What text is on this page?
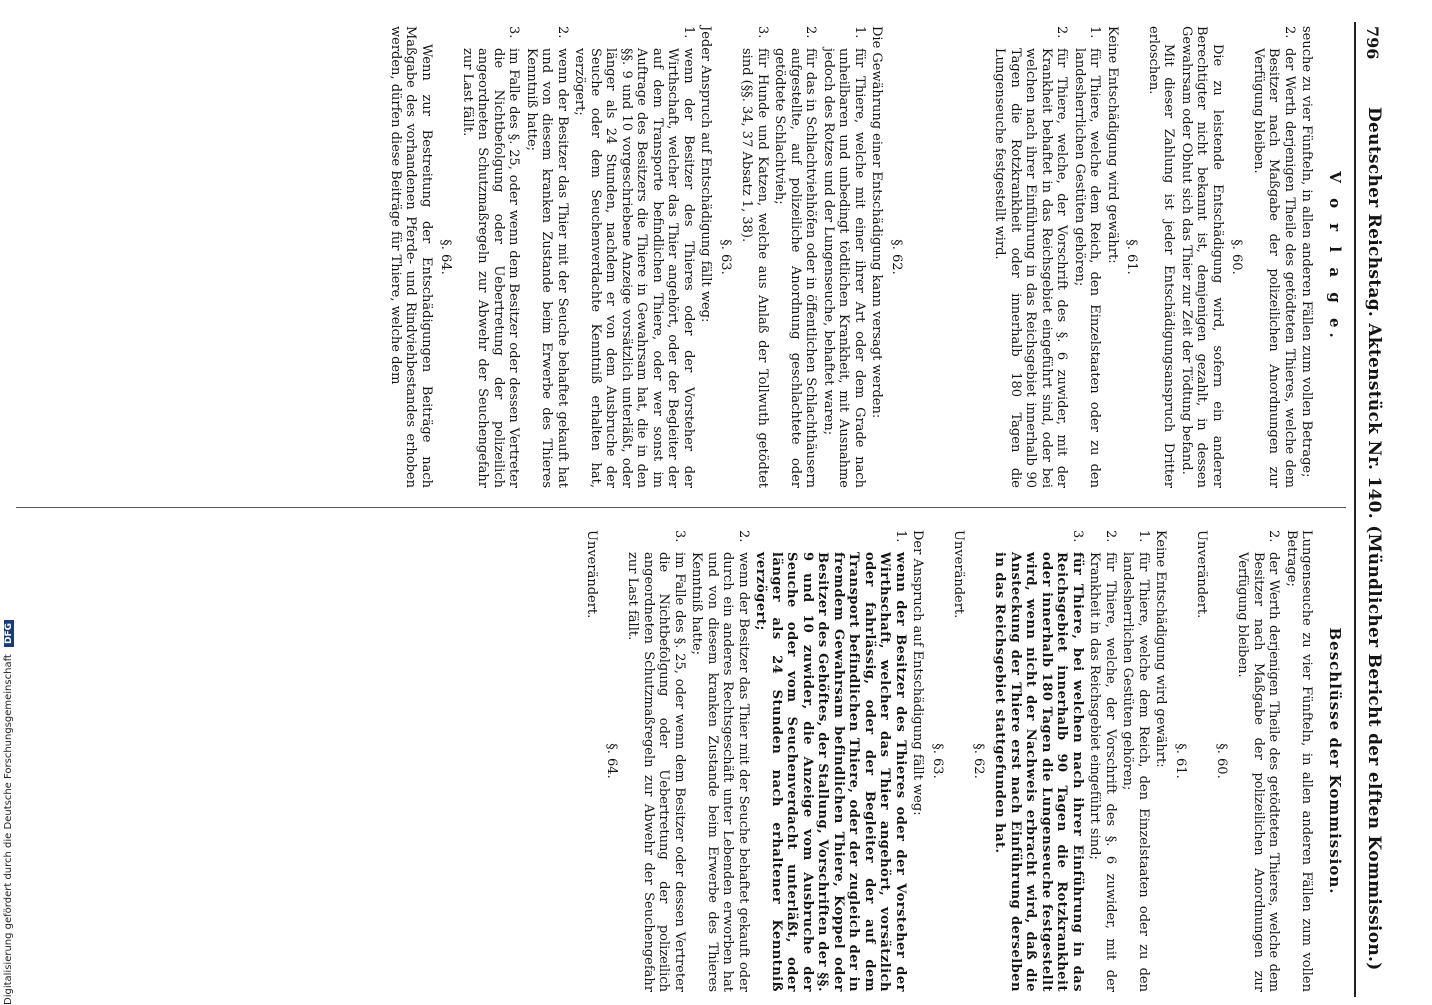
796
Deutscher Reichstag. Aktenstück Nr. 140. (Mündlicher Bericht der elften Kommission.)
V o r l a g e.

seuche zu vier Fünfteln, in allen anderen Fällen zum vollen Betrage;

2.der Werth derjenigen Theile des getödteten Thieres, welche dem Besitzer nach Maßgabe der polizeilichen Anordnungen zur Verfügung bleiben.
§. 60.

Die zu leistende Entschädigung wird, sofern ein anderer Berechtigter nicht bekannt ist, demjenigen gezahlt, in dessen Gewahrsam oder Obhut sich das Thier zur Zeit der Tödtung befand.

Mit dieser Zahlung ist jeder Entschädigungsanspruch Dritter erloschen.

§. 61.

Keine Entschädigung wird gewährt:

1.für Thiere, welche dem Reich, den Einzelstaaten oder zu den landesherrlichen Gestüten gehören;
2.für Thiere, welche, der Vorschrift des §. 6 zuwider, mit der Krankheit behaftet in das Reichsgebiet eingeführt sind, oder bei welchen nach ihrer Einführung in das Reichsgebiet innerhalb 90 Tagen die Rotzkrankheit oder innerhalb 180 Tagen die Lungenseuche festgestellt wird.
§. 62.

Die Gewährung einer Entschädigung kann versagt werden:

1.für Thiere, welche mit einer ihrer Art oder dem Grade nach unheilbaren und unbedingt tödtlichen Krankheit, mit Ausnahme jedoch des Rotzes und der Lungenseuche, behaftet waren;
2.für das in Schlachtviehhöfen oder in öffentlichen Schlachthäusern aufgestellte, auf polizeiliche Anordnung geschlachtete oder getödtete Schlachtvieh;
3.für Hunde und Katzen, welche aus Anlaß der Tollwuth getödtet sind (§§. 34, 37 Absatz 1, 38).
§. 63.

Jeder Anspruch auf Entschädigung fällt weg:

1.wenn der Besitzer des Thieres oder der Vorsteher der Wirthschaft, welcher das Thier angehört, oder der Begleiter der auf dem Transporte befindlichen Thiere, oder wer sonst im Auftrage des Besitzers die Thiere in Gewahrsam hat, die in den §§. 9 und 10 vorgeschriebene Anzeige vorsätzlich unterläßt, oder länger als 24 Stunden, nachdem er von dem Ausbruche der Seuche oder dem Seuchenverdachte Kenntniß erhalten hat, verzögert;
2.wenn der Besitzer das Thier mit der Seuche behaftet gekauft hat und von diesem kranken Zustande beim Erwerbe des Thieres Kenntniß hatte;
3.im Falle des §. 25, oder wenn dem Besitzer oder dessen Vertreter die Nichtbefolgung oder Uebertretung der polizeilich angeordneten Schutzmaßregeln zur Abwehr der Seuchengefahr zur Last fällt.
§. 64.

Wenn zur Bestreitung der Entschädigungen Beiträge nach Maßgabe des vorhandenen Pferde- und Rindviehbestandes erhoben werden, dürfen diese Beiträge für Thiere, welche dem

Beschlüsse der Kommission.

Lungenseuche zu vier Fünfteln, in allen anderen Fällen zum vollen Betrage;

2.der Werth derjenigen Theile des getödteten Thieres, welche dem Besitzer nach Maßgabe der polizeilichen Anordnungen zur Verfügung bleiben.
§. 60.

Unverändert.

§. 61.

Keine Entschädigung wird gewährt:

1.für Thiere, welche dem Reich, den Einzelstaaten oder zu den landesherrlichen Gestüten gehören;
2.für Thiere, welche, der Vorschrift des §. 6 zuwider, mit der Krankheit in das Reichsgebiet eingeführt sind;
3.für Thiere, bei welchen nach ihrer Einführung in das Reichsgebiet innerhalb 90 Tagen die Rotzkrankheit oder innerhalb 180 Tagen die Lungenseuche festgestellt wird, wenn nicht der Nachweis erbracht wird, daß die Ansteckung der Thiere erst nach Einführung derselben in das Reichsgebiet stattgefunden hat.
§. 62.

Unverändert.

§. 63.

Der Anspruch auf Entschädigung fällt weg:

1.wenn der Besitzer des Thieres oder der Vorsteher der Wirthschaft, welcher das Thier angehört, vorsätzlich oder fahrlässig, oder der Begleiter der auf dem Transport befindlichen Thiere, oder der zugleich der in fremdem Gewahrsam befindlichen Thiere, Koppel oder Besitzer des Gehöftes, der Stallung, Vorschriften der §§. 9 und 10 zuwider, die Anzeige vom Ausbruche der Seuche oder vom Seuchenverdacht unterläßt, oder länger als 24 Stunden nach erhaltener Kenntniß verzögert;
2.wenn der Besitzer das Thier mit der Seuche behaftet gekauft oder durch ein anderes Rechtsgeschäft unter Lebenden erworben hat und von diesem kranken Zustande beim Erwerbe des Thieres Kenntniß hatte;
3.im Falle des §. 25, oder wenn dem Besitzer oder dessen Vertreter die Nichtbefolgung oder Uebertretung der polizeilich angeordneten Schutzmaßregeln zur Abwehr der Seuchengefahr zur Last fällt.
§. 64.

Unverändert.

Digitalisierung gefördert durch die Deutsche Forschungsgemeinschaft DFG
